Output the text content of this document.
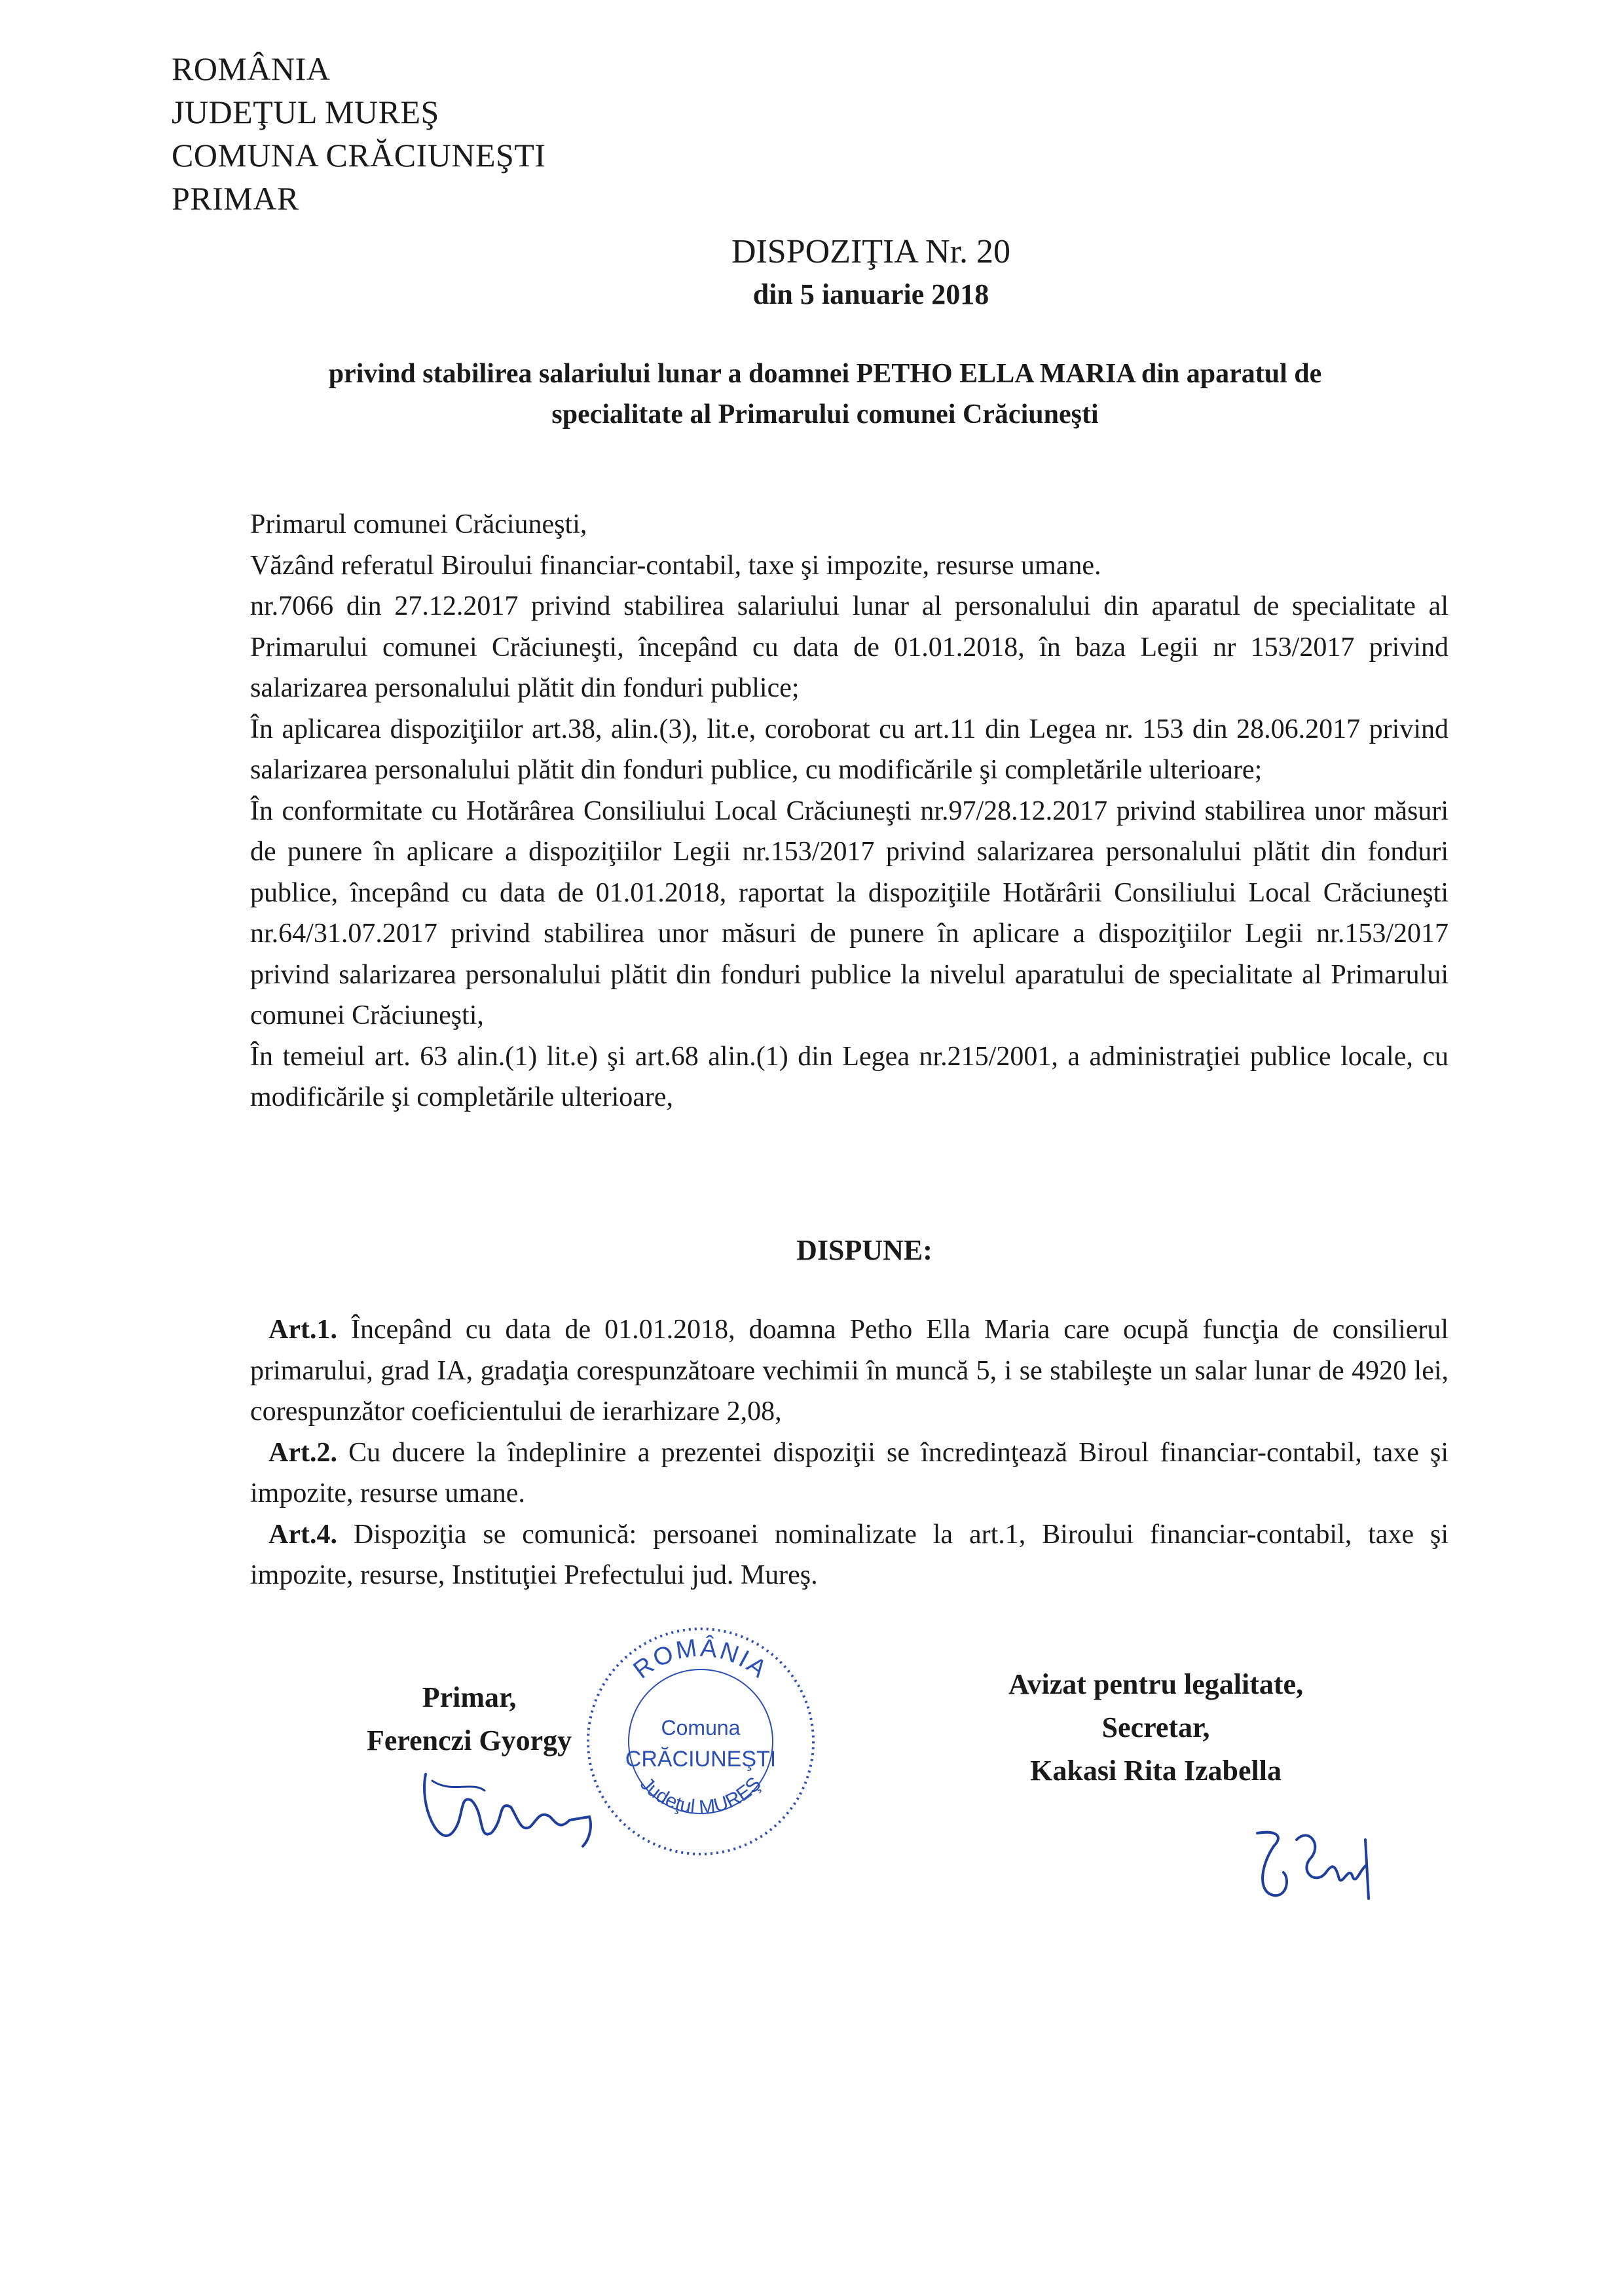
ROMÂNIA
JUDEŢUL MUREŞ
COMUNA CRĂCIUNEŞTI
PRIMAR
DISPOZIŢIA Nr. 20
din 5 ianuarie 2018
privind stabilirea salariului lunar a doamnei PETHO ELLA MARIA din aparatul de
specialitate al Primarului comunei Crăciuneşti

Primarul comunei Crăciuneşti,

Văzând referatul Biroului financiar-contabil, taxe şi impozite, resurse umane.

nr.7066 din 27.12.2017 privind stabilirea salariului lunar al personalului din aparatul de specialitate al Primarului comunei Crăciuneşti, începând cu data de 01.01.2018, în baza Legii nr 153/2017 privind salarizarea personalului plătit din fonduri publice;

În aplicarea dispoziţiilor art.38, alin.(3), lit.e, coroborat cu art.11 din Legea nr. 153 din 28.06.2017 privind salarizarea personalului plătit din fonduri publice, cu modificările şi completările ulterioare;

În conformitate cu Hotărârea Consiliului Local Crăciuneşti nr.97/28.12.2017 privind stabilirea unor măsuri de punere în aplicare a dispoziţiilor Legii nr.153/2017 privind salarizarea personalului plătit din fonduri publice, începând cu data de 01.01.2018, raportat la dispoziţiile Hotărârii Consiliului Local Crăciuneşti nr.64/31.07.2017 privind stabilirea unor măsuri de punere în aplicare a dispoziţiilor Legii nr.153/2017 privind salarizarea personalului plătit din fonduri publice la nivelul aparatului de specialitate al Primarului comunei Crăciuneşti,

În temeiul art. 63 alin.(1) lit.e) şi art.68 alin.(1) din Legea nr.215/2001, a administraţiei publice locale, cu modificările şi completările ulterioare,

DISPUNE:

Art.1. Începând cu data de 01.01.2018, doamna Petho Ella Maria care ocupă funcţia de consilierul primarului, grad IA, gradaţia corespunzătoare vechimii în muncă 5, i se stabileşte un salar lunar de 4920 lei, corespunzător coeficientului de ierarhizare 2,08,

Art.2. Cu ducere la îndeplinire a prezentei dispoziţii se încredinţează Biroul financiar-contabil, taxe şi impozite, resurse umane.

Art.4. Dispoziţia se comunică: persoanei nominalizate la art.1, Biroului financiar-contabil, taxe şi impozite, resurse, Instituţiei Prefectului jud. Mureş.

Primar,
Ferenczi Gyorgy
Avizat pentru legalitate,
Secretar,
Kakasi Rita Izabella
ROMÂNIA
Comuna
CRĂCIUNEŞTI
Judeţul MUREŞ
